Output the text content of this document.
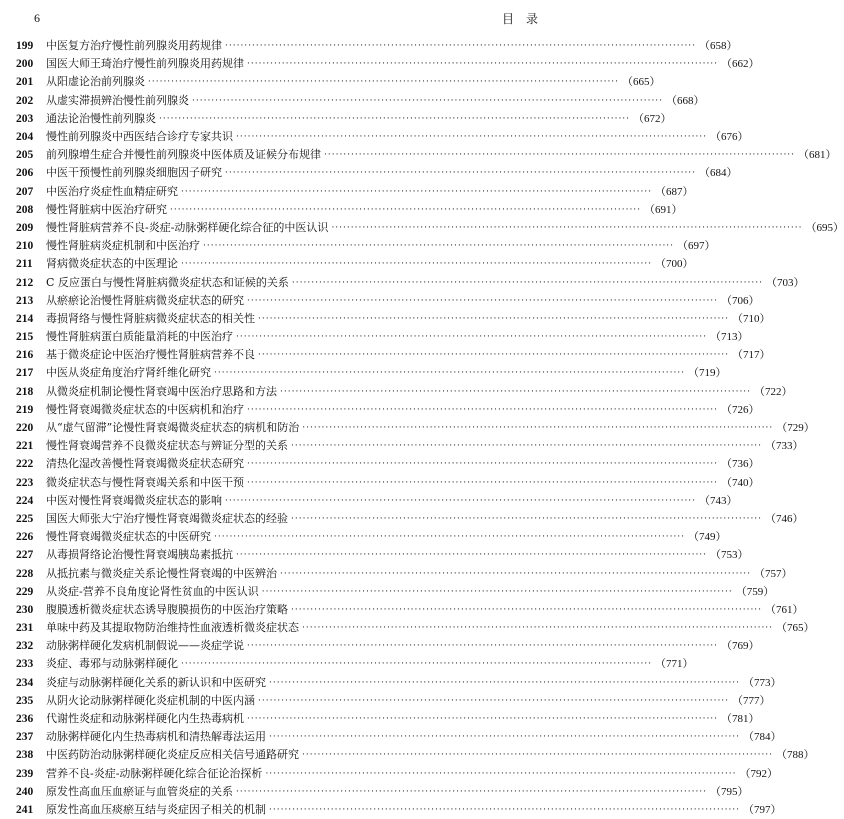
6	目录
199	中医复方治疗慢性前列腺炎用药规律 ·····	（658）
200	国医大师王琦治疗慢性前列腺炎用药规律 ·····	（662）
201	从阳虚论治前列腺炎 ·····	（665）
202	从虚实滞损辨治慢性前列腺炎 ·····	（668）
203	通法论治慢性前列腺炎 ·····	（672）
204	慢性前列腺炎中西医结合诊疗专家共识 ·····	（676）
205	前列腺增生症合并慢性前列腺炎中医体质及证候分布规律 ·····	（681）
206	中医干预慢性前列腺炎细胞因子研究 ·····	（684）
207	中医治疗炎症性血精症研究 ·····	（687）
208	慢性肾脏病中医治疗研究 ·····	（691）
209	慢性肾脏病营养不良-炎症-动脉粥样硬化综合征的中医认识 ·····	（695）
210	慢性肾脏病炎症机制和中医治疗 ·····	（697）
211	肾病微炎症状态的中医理论 ·····	（700）
212	C 反应蛋白与慢性肾脏病微炎症状态和证候的关系 ·····	（703）
213	从瘀瘀论治慢性肾脏病微炎症状态的研究 ·····	（706）
214	毒损肾络与慢性肾脏病微炎症状态的相关性 ·····	（710）
215	慢性肾脏病蛋白质能量消耗的中医治疗 ·····	（713）
216	基于微炎症论中医治疗慢性肾脏病营养不良 ·····	（717）
217	中医从炎症角度治疗肾纤维化研究 ·····	（719）
218	从微炎症机制论慢性肾衰竭中医治疗思路和方法 ·····	（722）
219	慢性肾衰竭微炎症状态的中医病机和治疗 ·····	（726）
220	从“虚气留滞”论慢性肾衰竭微炎症状态的病机和防治 ·····	（729）
221	慢性肾衰竭营养不良微炎症状态与辨证分型的关系 ·····	（733）
222	清热化湿改善慢性肾衰竭微炎症状态研究 ·····	（736）
223	微炎症状态与慢性肾衰竭关系和中医干预 ·····	（740）
224	中医对慢性肾衰竭微炎症状态的影响 ·····	（743）
225	国医大师张大宁治疗慢性肾衰竭微炎症状态的经验 ·····	（746）
226	慢性肾衰竭微炎症状态的中医研究 ·····	（749）
227	从毒损肾络论治慢性肾衰竭胰岛素抵抗 ·····	（753）
228	从抵抗素与微炎症关系论慢性肾衰竭的中医辨治 ·····	（757）
229	从炎症-营养不良角度论肾性贫血的中医认识 ·····	（759）
230	腹膜透析微炎症状态诱导腹膜损伤的中医治疗策略 ·····	（761）
231	单味中药及其提取物防治维持性血液透析微炎症状态 ·····	（765）
232	动脉粥样硬化发病机制假说——炎症学说 ·····	（769）
233	炎症、毒邪与动脉粥样硬化 ·····	（771）
234	炎症与动脉粥样硬化关系的新认识和中医研究 ·····	（773）
235	从阴火论动脉粥样硬化炎症机制的中医内涵 ·····	（777）
236	代谢性炎症和动脉粥样硬化内生热毒病机 ·····	（781）
237	动脉粥样硬化内生热毒病机和清热解毒法运用 ·····	（784）
238	中医药防治动脉粥样硬化炎症反应相关信号通路研究 ·····	（788）
239	营养不良-炎症-动脉粥样硬化综合征论治探析 ·····	（792）
240	原发性高血压血瘀证与血管炎症的关系 ·····	（795）
241	原发性高血压痰瘀互结与炎症因子相关的机制 ·····	（797）
